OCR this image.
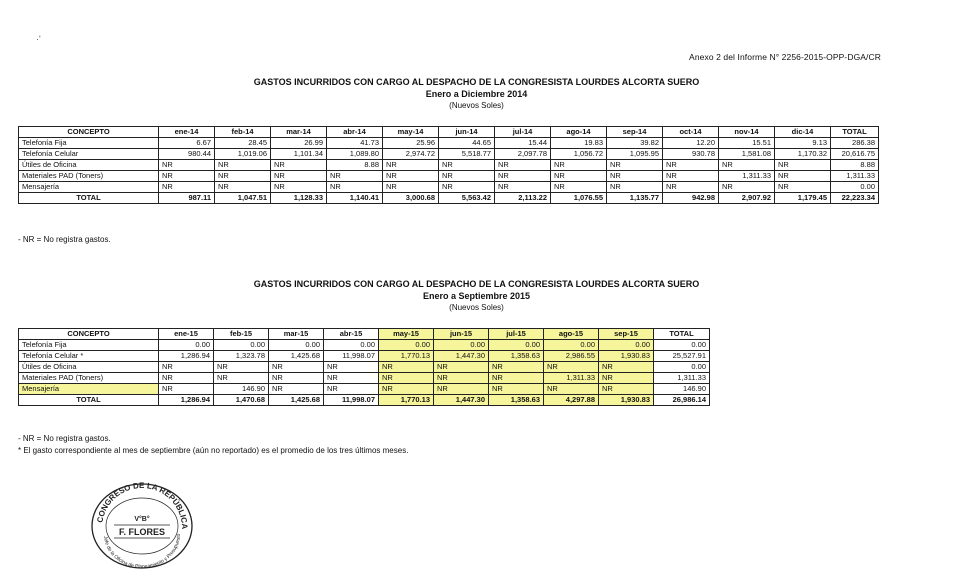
·'
Anexo 2 del Informe N° 2256-2015-OPP-DGA/CR
GASTOS INCURRIDOS CON CARGO AL DESPACHO DE LA CONGRESISTA LOURDES ALCORTA SUERO
Enero a Diciembre 2014
(Nuevos Soles)
CONCEPTO	ene-14	feb-14	mar-14	abr-14	may-14	jun-14	jul-14	ago-14	sep-14	oct-14	nov-14	dic-14	TOTAL
Telefonía Fija	6.67	28.45	26.99	41.73	25.96	44.65	15.44	19.83	39.82	12.20	15.51	9.13	286.38
Telefonía Celular	980.44	1,019.06	1,101.34	1,089.80	2,974.72	5,518.77	2,097.78	1,056.72	1,095.95	930.78	1,581.08	1,170.32	20,616.75
Útiles de Oficina	NR	NR	NR	8.88	NR	NR	NR	NR	NR	NR	NR	NR	8.88
Materiales PAD (Toners)	NR	NR	NR	NR	NR	NR	NR	NR	NR	NR	1,311.33	NR	1,311.33
Mensajería	NR	NR	NR	NR	NR	NR	NR	NR	NR	NR	NR	NR	0.00
TOTAL	987.11	1,047.51	1,128.33	1,140.41	3,000.68	5,563.42	2,113.22	1,076.55	1,135.77	942.98	2,907.92	1,179.45	22,223.34
- NR = No registra gastos.
GASTOS INCURRIDOS CON CARGO AL DESPACHO DE LA CONGRESISTA LOURDES ALCORTA SUERO
Enero a Septiembre 2015
(Nuevos Soles)
CONCEPTO	ene-15	feb-15	mar-15	abr-15	may-15	jun-15	jul-15	ago-15	sep-15	TOTAL
Telefonía Fija	0.00	0.00	0.00	0.00	0.00	0.00	0.00	0.00	0.00	0.00
Telefonía Celular *	1,286.94	1,323.78	1,425.68	11,998.07	1,770.13	1,447.30	1,358.63	2,986.55	1,930.83	25,527.91
Útiles de Oficina	NR	NR	NR	NR	NR	NR	NR	NR	NR	0.00
Materiales PAD (Toners)	NR	NR	NR	NR	NR	NR	NR	1,311.33	NR	1,311.33
Mensajería	NR	146.90	NR	NR	NR	NR	NR	NR	NR	146.90
TOTAL	1,286.94	1,470.68	1,425.68	11,998.07	1,770.13	1,447.30	1,358.63	4,297.88	1,930.83	26,986.14
- NR = No registra gastos.
* El gasto correspondiente al mes de septiembre (aún no reportado) es el promedio de los tres últimos meses.
CONGRESO DE LA REPÚBLICA
Jefe de la Oficina de Planeamiento y Presupuesto
V°B°
F. FLORES
